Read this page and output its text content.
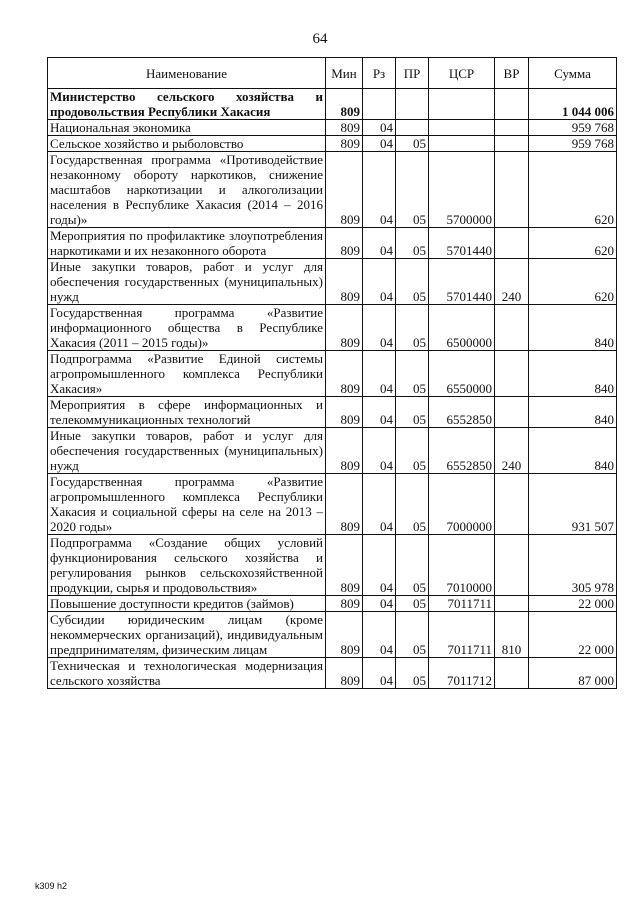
64
Наименование	Мин	Рз	ПР	ЦСР	ВР	Сумма
Министерство сельского хозяйства и продовольствия Республики Хакасия	809					1 044 006
Национальная экономика	809	04				959 768
Сельское хозяйство и рыболовство	809	04	05			959 768
Государственная программа «Противодействие незаконному обороту наркотиков, снижение масштабов наркотизации и алкоголизации населения в Республике Хакасия (2014 – 2016 годы)»	809	04	05	5700000		620
Мероприятия по профилактике злоупотребления наркотиками и их незаконного оборота	809	04	05	5701440		620
Иные закупки товаров, работ и услуг для обеспечения государственных (муниципальных) нужд	809	04	05	5701440	240	620
Государственная программа «Развитие информационного общества в Республике Хакасия (2011 – 2015 годы)»	809	04	05	6500000		840
Подпрограмма «Развитие Единой системы агропромышленного комплекса Республики Хакасия»	809	04	05	6550000		840
Мероприятия в сфере информационных и телекоммуникационных технологий	809	04	05	6552850		840
Иные закупки товаров, работ и услуг для обеспечения государственных (муниципальных) нужд	809	04	05	6552850	240	840
Государственная программа «Развитие агропромышленного комплекса Республики Хакасия и социальной сферы на селе на 2013 – 2020 годы»	809	04	05	7000000		931 507
Подпрограмма «Создание общих условий функционирования сельского хозяйства и регулирования рынков сельскохозяйственной продукции, сырья и продовольствия»	809	04	05	7010000		305 978
Повышение доступности кредитов (займов)	809	04	05	7011711		22 000
Субсидии юридическим лицам (кроме некоммерческих организаций), индивидуальным предпринимателям, физическим лицам	809	04	05	7011711	810	22 000
Техническая и технологическая модернизация сельского хозяйства	809	04	05	7011712		87 000
k309 h2
